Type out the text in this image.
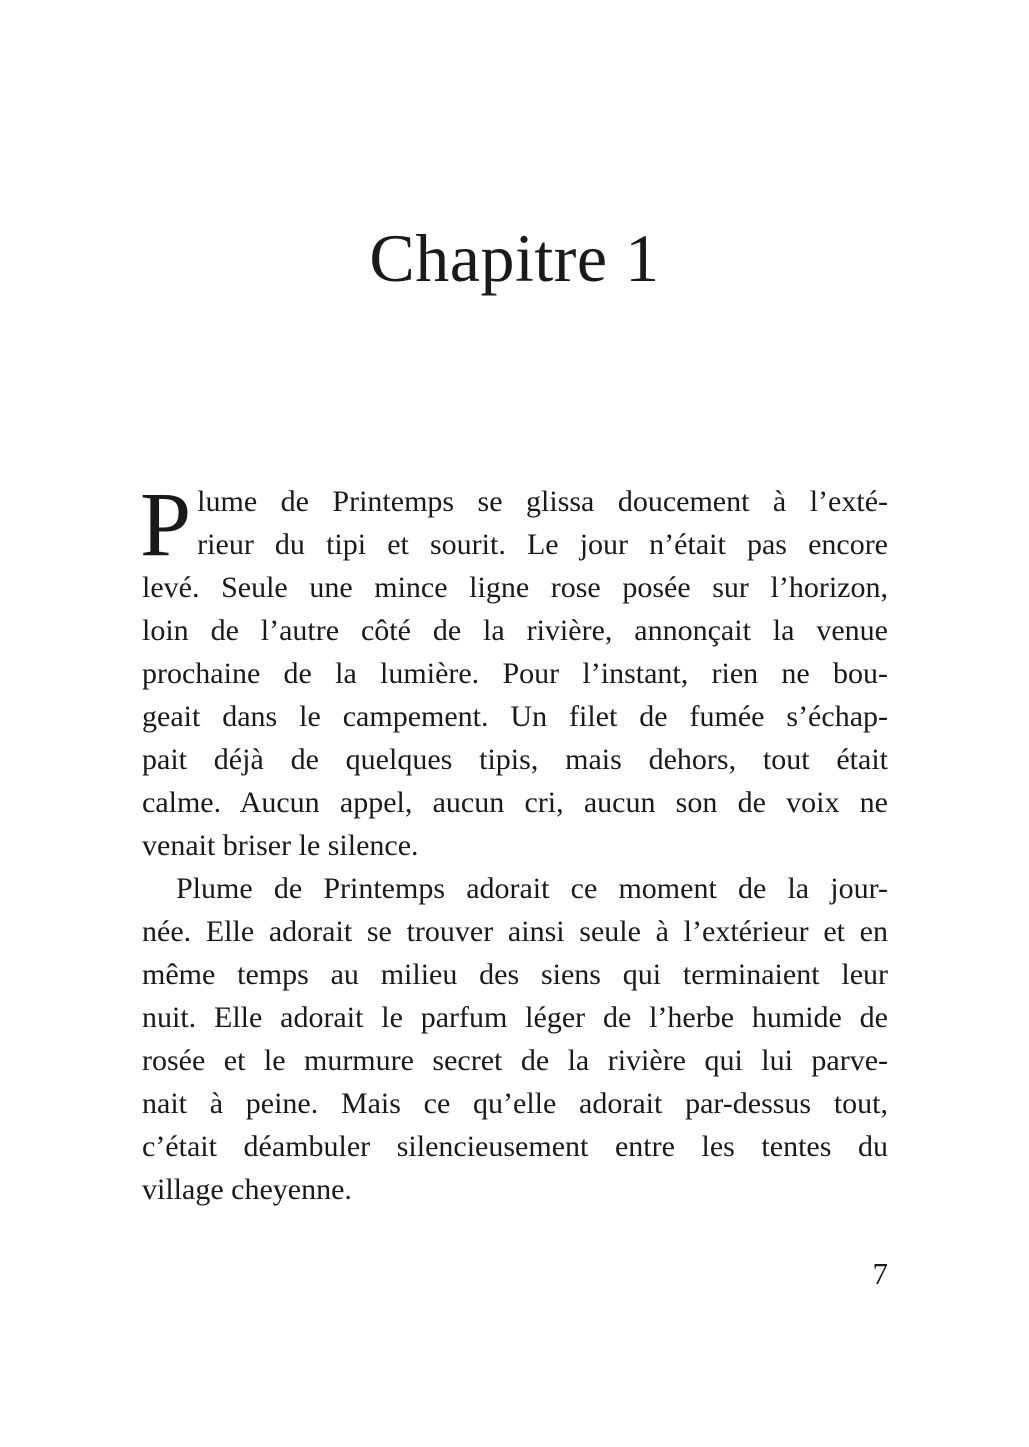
Chapitre 1
P lume de Printemps se glissa doucement à l’exté-
rieur du tipi et sourit. Le jour n’était pas encore
levé. Seule une mince ligne rose posée sur l’horizon,
loin de l’autre côté de la rivière, annonçait la venue
prochaine de la lumière. Pour l’instant, rien ne bou-
geait dans le campement. Un filet de fumée s’échap-
pait déjà de quelques tipis, mais dehors, tout était
calme. Aucun appel, aucun cri, aucun son de voix ne
venait briser le silence.
Plume de Printemps adorait ce moment de la jour-
née. Elle adorait se trouver ainsi seule à l’extérieur et en
même temps au milieu des siens qui terminaient leur
nuit. Elle adorait le parfum léger de l’herbe humide de
rosée et le murmure secret de la rivière qui lui parve-
nait à peine. Mais ce qu’elle adorait par-dessus tout,
c’était déambuler silencieusement entre les tentes du
village cheyenne.
7
